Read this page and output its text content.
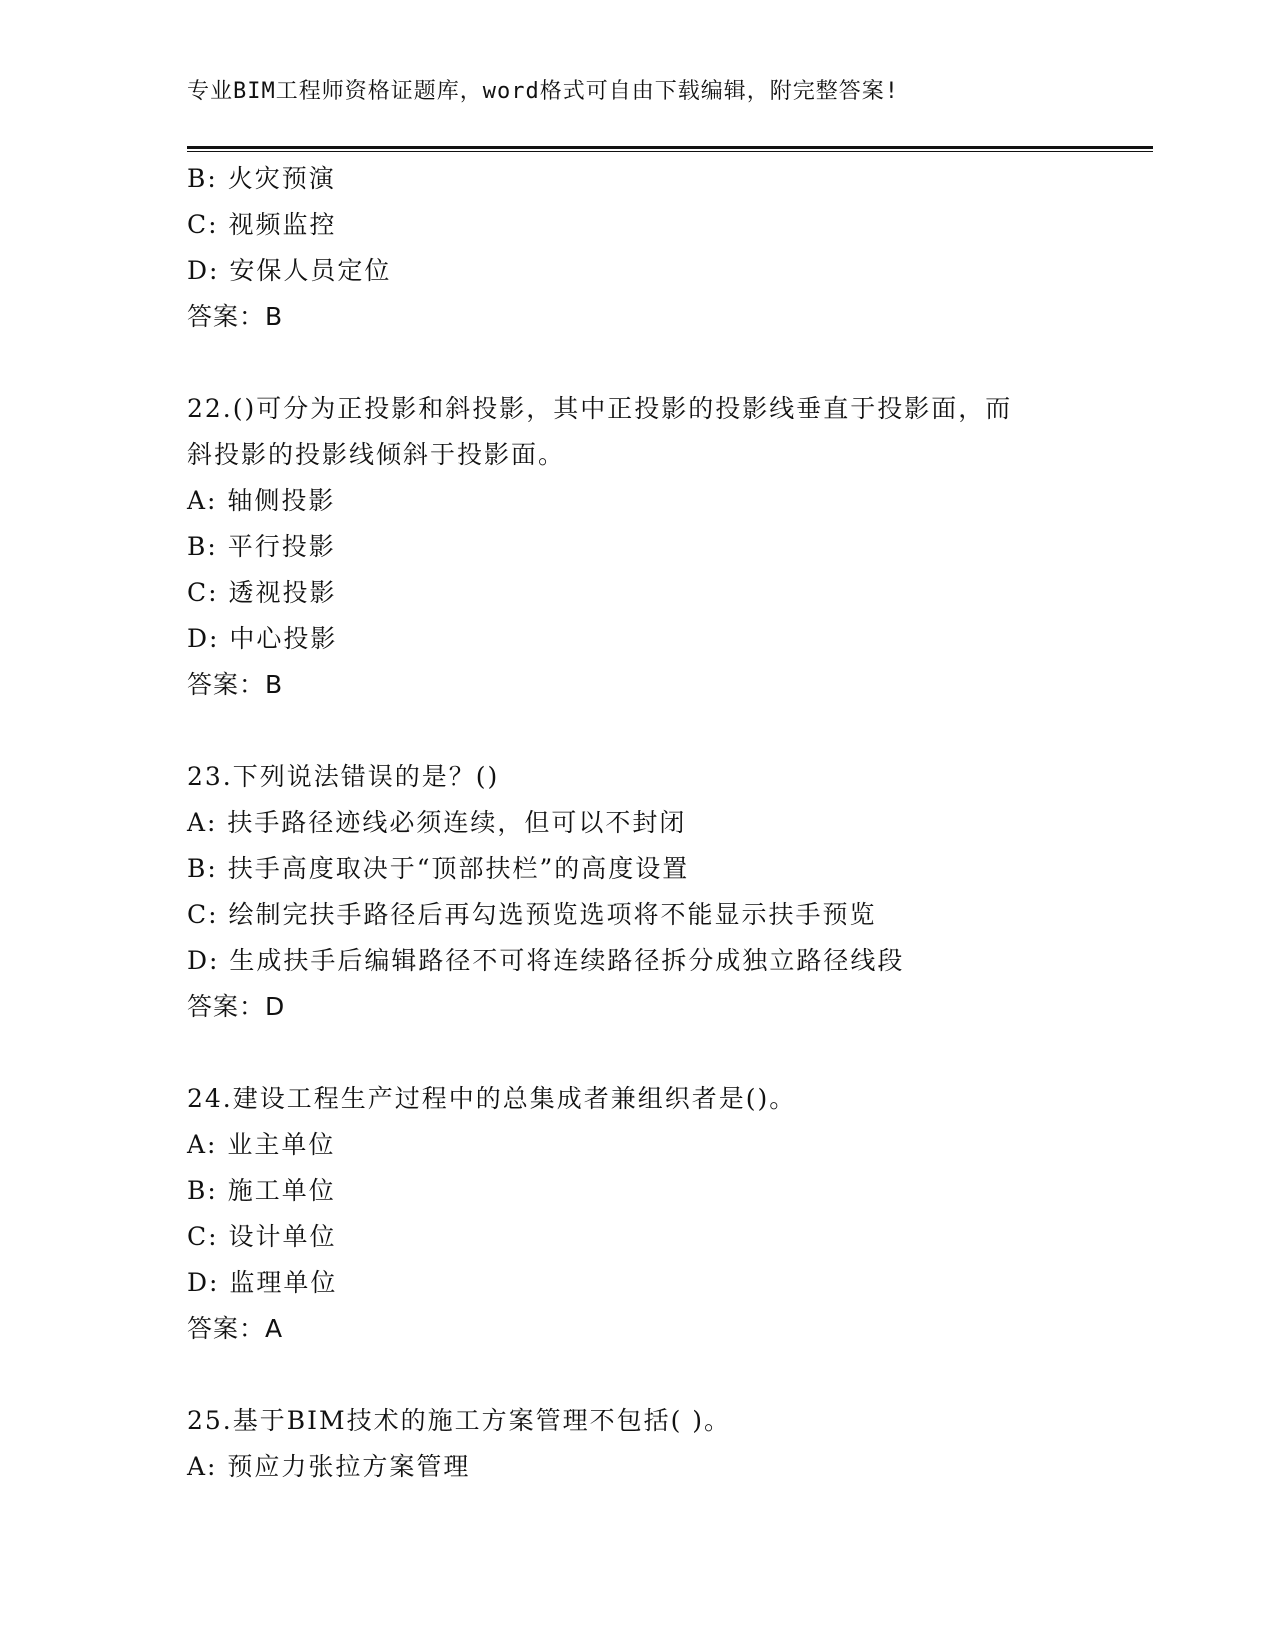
专业BIM工程师资格证题库，word格式可自由下载编辑，附完整答案!
B: 火灾预演
C: 视频监控
D: 安保人员定位
答案：B
22.()可分为正投影和斜投影，其中正投影的投影线垂直于投影面，而
斜投影的投影线倾斜于投影面。
A: 轴侧投影
B: 平行投影
C: 透视投影
D: 中心投影
答案：B
23.下列说法错误的是？()
A: 扶手路径迹线必须连续，但可以不封闭
B: 扶手高度取决于“顶部扶栏”的高度设置
C: 绘制完扶手路径后再勾选预览选项将不能显示扶手预览
D: 生成扶手后编辑路径不可将连续路径拆分成独立路径线段
答案：D
24.建设工程生产过程中的总集成者兼组织者是()。
A: 业主单位
B: 施工单位
C: 设计单位
D: 监理单位
答案：A
25.基于BIM技术的施工方案管理不包括( )。
A: 预应力张拉方案管理
